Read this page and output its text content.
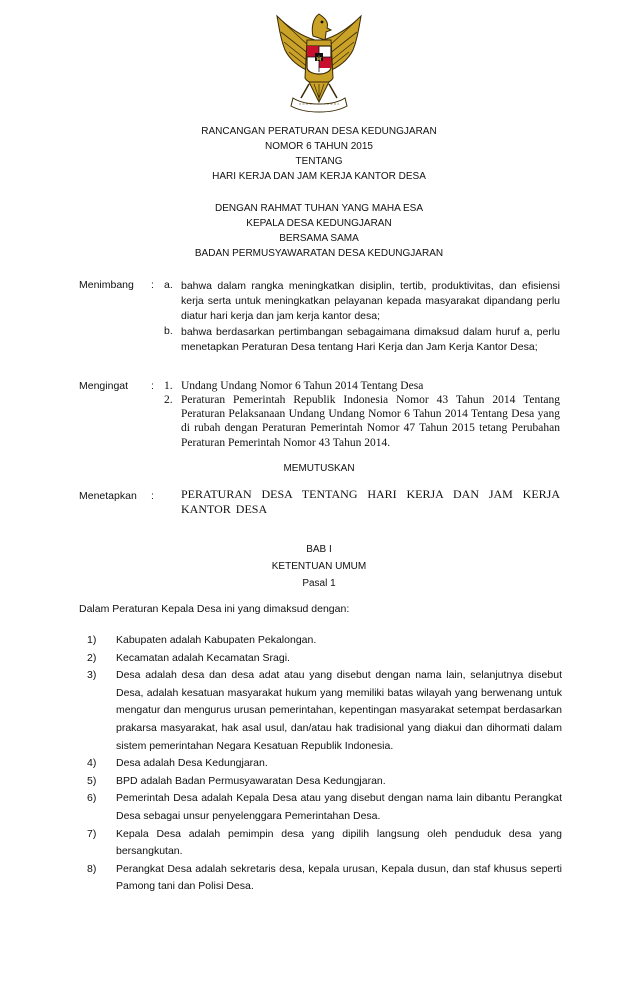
RANCANGAN PERATURAN DESA KEDUNGJARAN
NOMOR 6 TAHUN 2015
TENTANG
HARI KERJA DAN JAM KERJA KANTOR DESA
DENGAN RAHMAT TUHAN YANG MAHA ESA
KEPALA DESA KEDUNGJARAN
BERSAMA SAMA
BADAN PERMUSYAWARATAN DESA KEDUNGJARAN
Menimbang : a. bahwa dalam rangka meningkatkan disiplin, tertib, produktivitas, dan efisiensi kerja serta untuk meningkatkan pelayanan kepada masyarakat dipandang perlu diatur hari kerja dan jam kerja kantor desa;
b. bahwa berdasarkan pertimbangan sebagaimana dimaksud dalam huruf a, perlu menetapkan Peraturan Desa tentang Hari Kerja dan Jam Kerja Kantor Desa;
Mengingat : 1. Undang Undang Nomor 6 Tahun 2014 Tentang Desa
2. Peraturan Pemerintah Republik Indonesia Nomor 43 Tahun 2014 Tentang Peraturan Pelaksanaan Undang Undang Nomor 6 Tahun 2014 Tentang Desa yang di rubah dengan Peraturan Pemerintah Nomor 47 Tahun 2015 tetang Perubahan Peraturan Pemerintah Nomor 43 Tahun 2014.
MEMUTUSKAN
Menetapkan : PERATURAN DESA TENTANG HARI KERJA DAN JAM KERJA KANTOR DESA
BAB I
KETENTUAN UMUM
Pasal 1
Dalam Peraturan Kepala Desa ini yang dimaksud dengan:
1) Kabupaten adalah Kabupaten Pekalongan.
2) Kecamatan adalah Kecamatan Sragi.
3) Desa adalah desa dan desa adat atau yang disebut dengan nama lain, selanjutnya disebut Desa, adalah kesatuan masyarakat hukum yang memiliki batas wilayah yang berwenang untuk mengatur dan mengurus urusan pemerintahan, kepentingan masyarakat setempat berdasarkan prakarsa masyarakat, hak asal usul, dan/atau hak tradisional yang diakui dan dihormati dalam sistem pemerintahan Negara Kesatuan Republik Indonesia.
4) Desa adalah Desa Kedungjaran.
5) BPD adalah Badan Permusyawaratan Desa Kedungjaran.
6) Pemerintah Desa adalah Kepala Desa atau yang disebut dengan nama lain dibantu Perangkat Desa sebagai unsur penyelenggara Pemerintahan Desa.
7) Kepala Desa adalah pemimpin desa yang dipilih langsung oleh penduduk desa yang bersangkutan.
8) Perangkat Desa adalah sekretaris desa, kepala urusan, Kepala dusun, dan staf khusus seperti Pamong tani dan Polisi Desa.
